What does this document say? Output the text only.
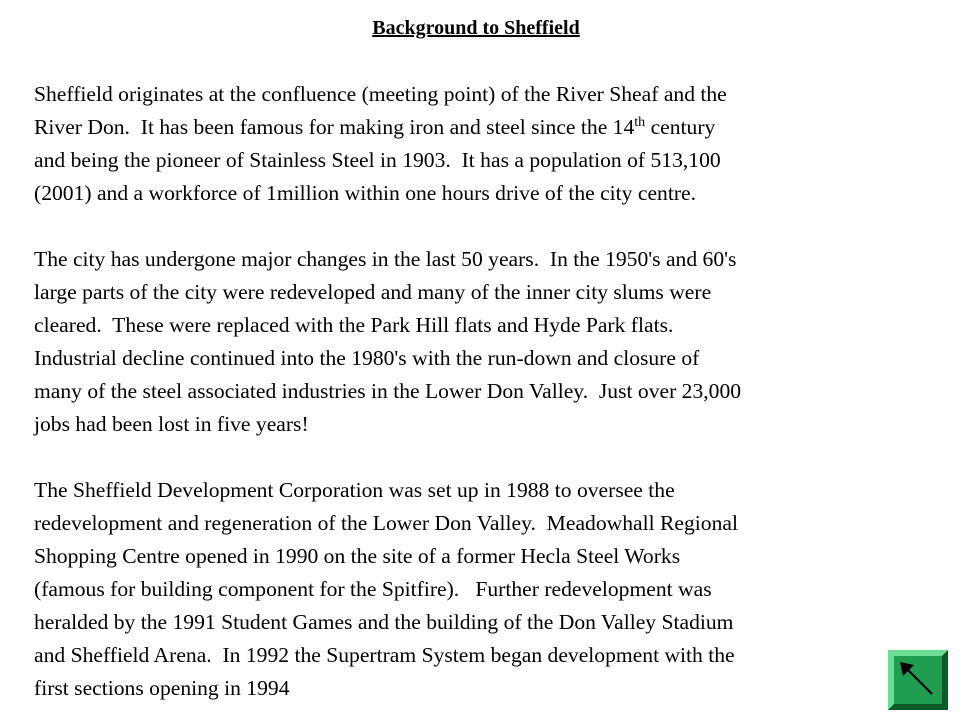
Background to Sheffield

Sheffield originates at the confluence (meeting point) of the River Sheaf and the
River Don.  It has been famous for making iron and steel since the 14th century
and being the pioneer of Stainless Steel in 1903.  It has a population of 513,100
(2001) and a workforce of 1million within one hours drive of the city centre.

The city has undergone major changes in the last 50 years.  In the 1950's and 60's
large parts of the city were redeveloped and many of the inner city slums were
cleared.  These were replaced with the Park Hill flats and Hyde Park flats.
Industrial decline continued into the 1980's with the run-down and closure of
many of the steel associated industries in the Lower Don Valley.  Just over 23,000
jobs had been lost in five years!

The Sheffield Development Corporation was set up in 1988 to oversee the
redevelopment and regeneration of the Lower Don Valley.  Meadowhall Regional
Shopping Centre opened in 1990 on the site of a former Hecla Steel Works
(famous for building component for the Spitfire).   Further redevelopment was
heralded by the 1991 Student Games and the building of the Don Valley Stadium
and Sheffield Arena.  In 1992 the Supertram System began development with the
first sections opening in 1994
